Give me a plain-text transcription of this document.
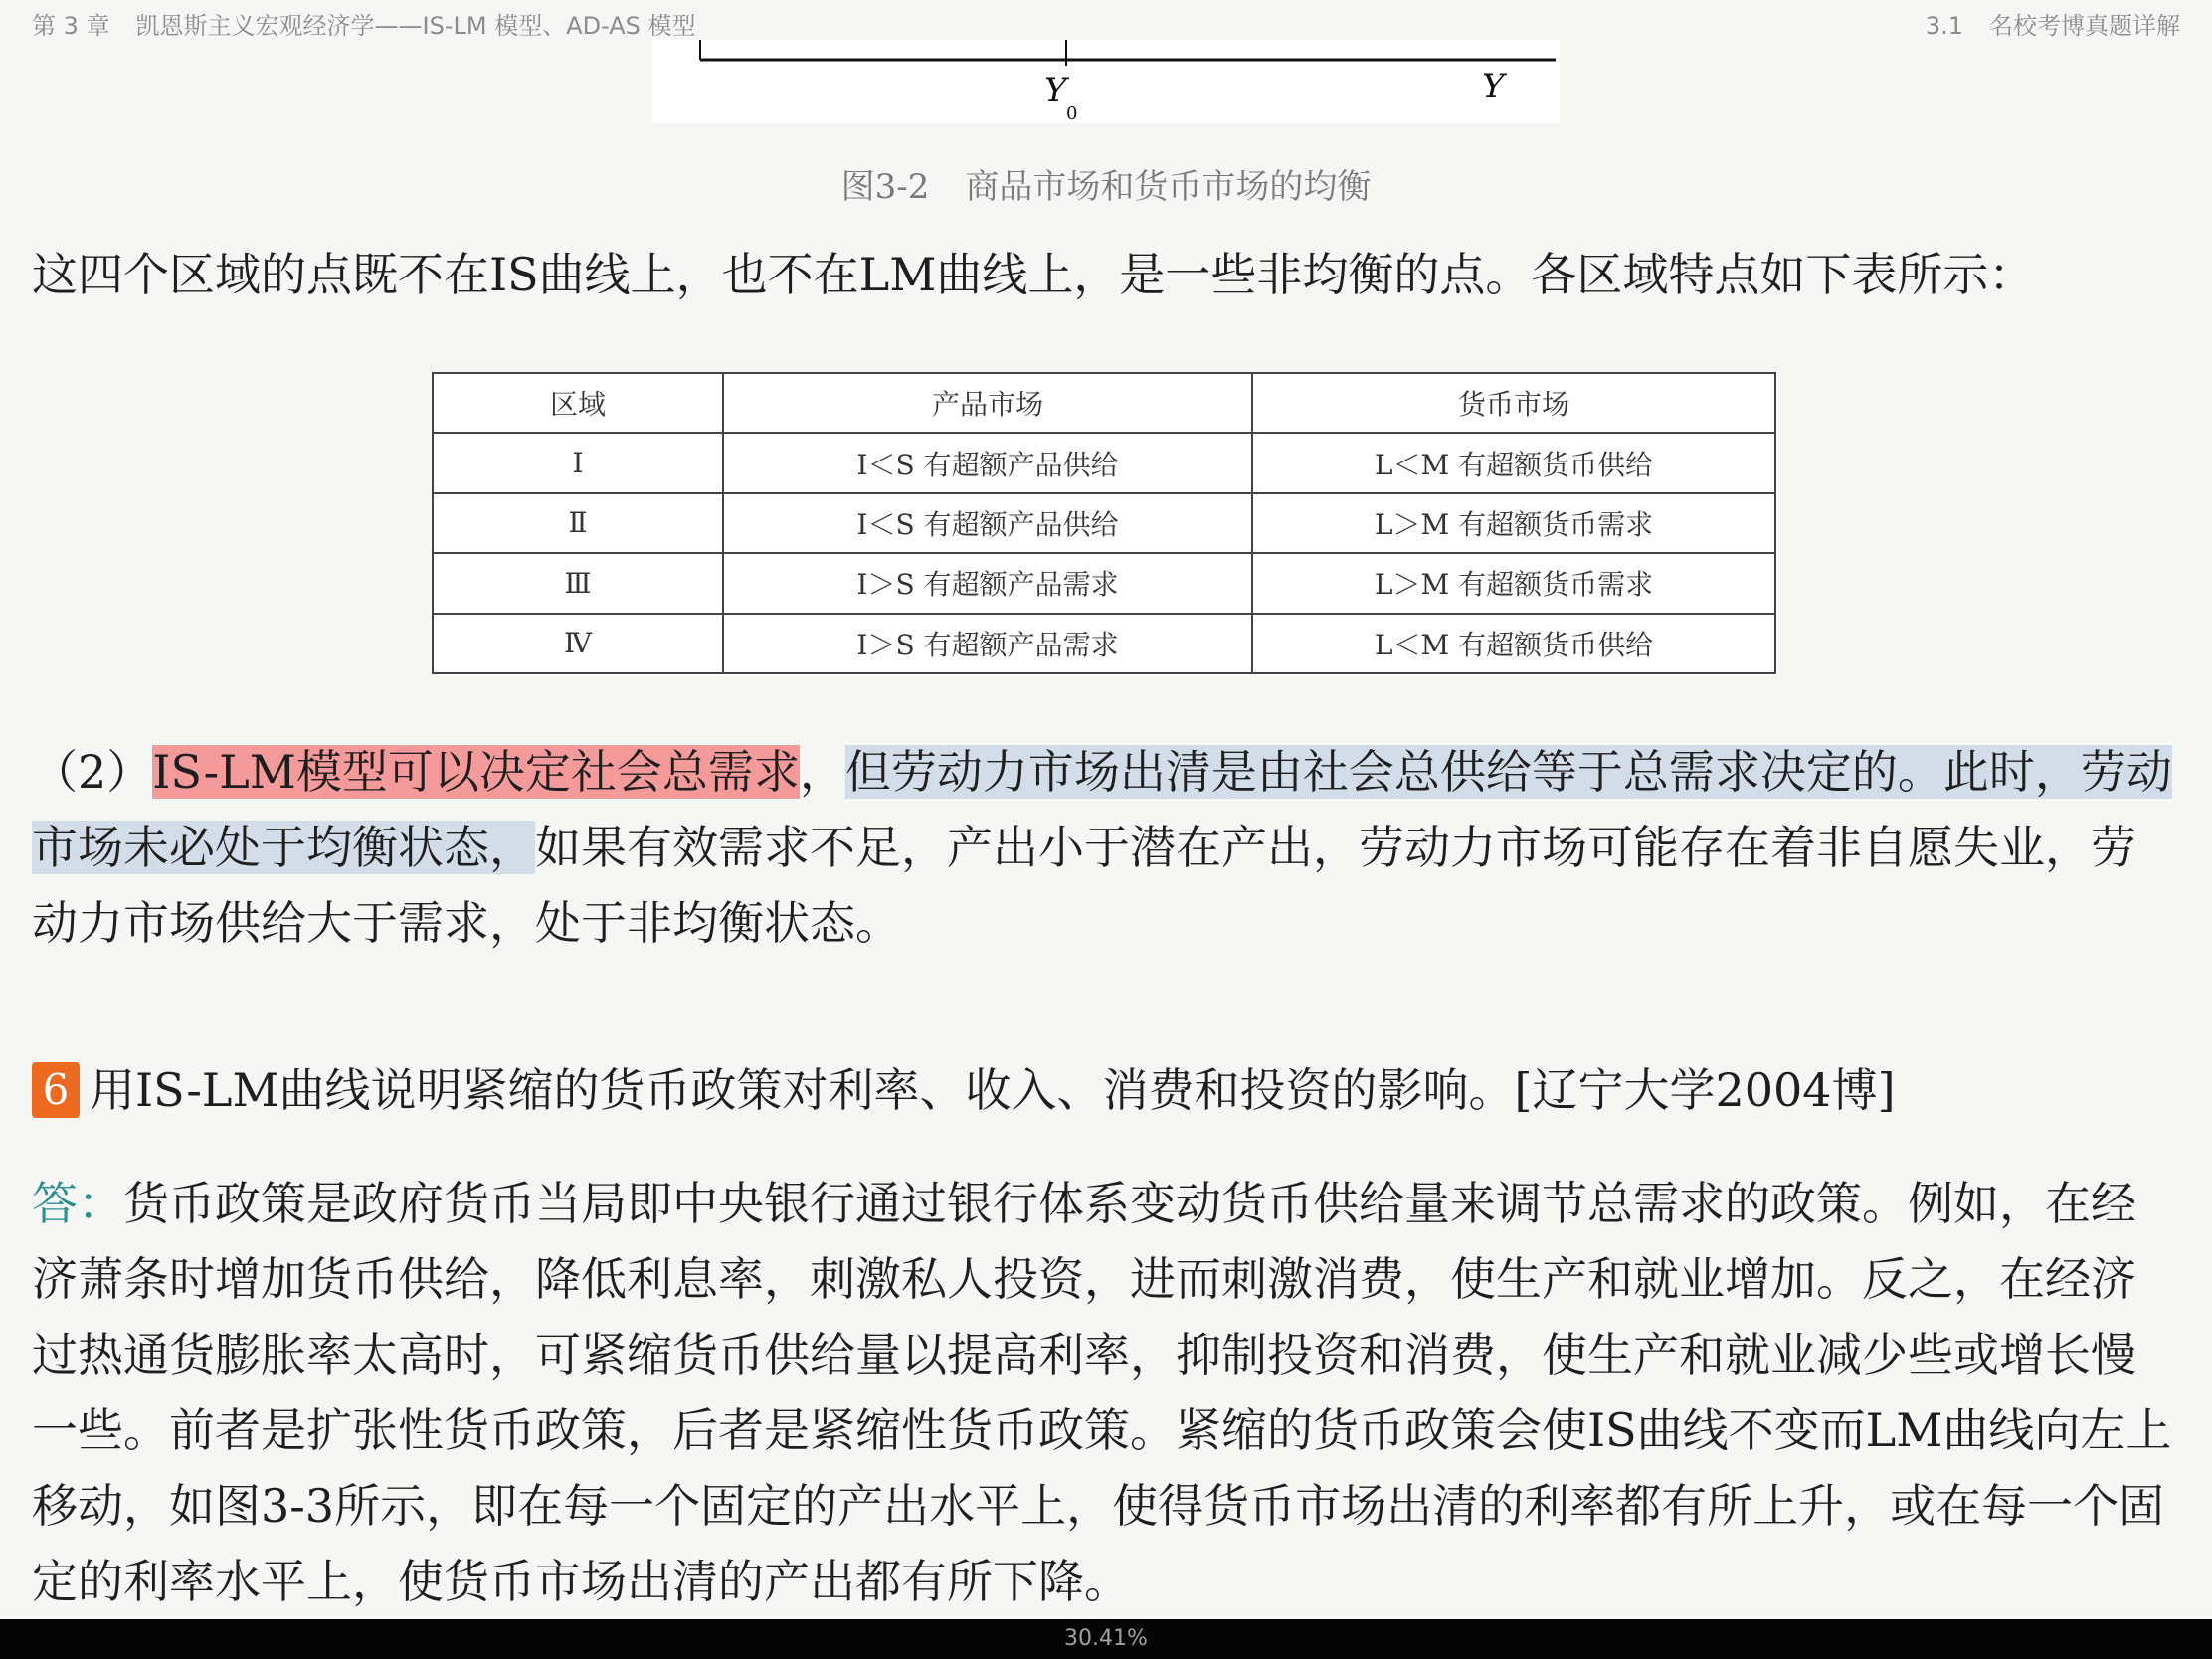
第 3 章 凯恩斯主义宏观经济学——IS-LM 模型、AD-AS 模型	3.1 名校考博真题详解
Y
0
Y
图3-2 商品市场和货币市场的均衡

这四个区域的点既不在IS曲线上，也不在LM曲线上，是一些非均衡的点。各区域特点如下表所示：

区域	产品市场	货币市场
Ⅰ	I＜S 有超额产品供给	L＜M 有超额货币供给
Ⅱ	I＜S 有超额产品供给	L＞M 有超额货币需求
Ⅲ	I＞S 有超额产品需求	L＞M 有超额货币需求
Ⅳ	I＞S 有超额产品需求	L＜M 有超额货币供给

（2）IS-LM模型可以决定社会总需求，但劳动力市场出清是由社会总供给等于总需求决定的。此时，劳动市场未必处于均衡状态，如果有效需求不足，产出小于潜在产出，劳动力市场可能存在着非自愿失业，劳动力市场供给大于需求，处于非均衡状态。

6 用IS-LM曲线说明紧缩的货币政策对利率、收入、消费和投资的影响。[辽宁大学2004博]

答：货币政策是政府货币当局即中央银行通过银行体系变动货币供给量来调节总需求的政策。例如，在经济萧条时增加货币供给，降低利息率，刺激私人投资，进而刺激消费，使生产和就业增加。反之，在经济过热通货膨胀率太高时，可紧缩货币供给量以提高利率，抑制投资和消费，使生产和就业减少些或增长慢一些。前者是扩张性货币政策，后者是紧缩性货币政策。紧缩的货币政策会使IS曲线不变而LM曲线向左上移动，如图3-3所示，即在每一个固定的产出水平上，使得货币市场出清的利率都有所上升，或在每一个固定的利率水平上，使货币市场出清的产出都有所下降。

30.41%
